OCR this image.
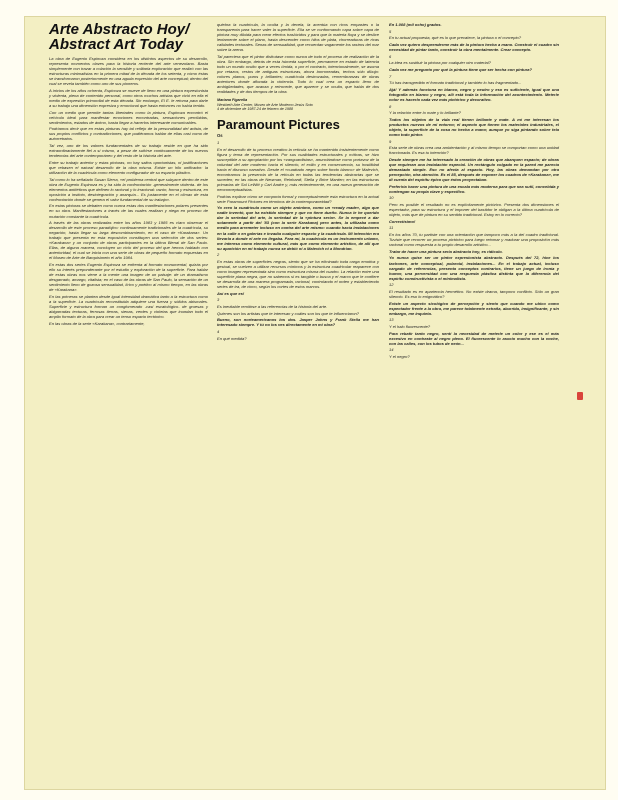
Arte Abstracto Hoy/
Abstract Art Today

La obra de Eugenio Espinoza considera en los distintos aspectos de su desarrollo, representa momentos claves para la historia reciente del arte venezolano. Basta simplemente con trazar a colación la sensible y solitaria exploración que realizó con las estructuras minimalistas en la primera mitad de la década de los setenta, y cómo éstas se transformaron posteriormente en una aguda expresión del arte conceptual; dentro del cual se revela también como uno de sus pioneros.

A inicios de los años ochenta, Espinoza se mueve de lleno en una pintura expresionista y violenta, plena de contenido personal, como otros muchos artistas que vivió en ella el medio de expresión primordial de esta década. Sin embargo, El E. le retoma para darle a su trabajo una dimensión expresiva y emocional que hasta entonces no había tenido.

Con un medio que permite tantas libertades como la pintura, Espinoza encontró el vehículo ideal para manifestar emociones encontradas, sensaciones percibidas, sentimientos, estados de ánimo, hasta llegar a hacerlos interesante comunicables.

Podríamos decir que en estas pinturas hay tal reflejo de la personalidad del artista, de sus propios conflictos y contradicciones, que pudiéramos hablar de ellas casi como de autorretratos.

Tal vez, uno de los valores fundamentales de su trabajo reside en que ha sido extraordinariamente fiel a sí mismo, a pesar de sufrirse continuamente de los nuevos tendencias del arte contemporáneo y del resto de la historia del arte.

Entre su trabajo anterior y estas pinturas, no hay saltos oportunistas, ni justificaciones que rebasen el natural desarrollo de la obra misma. Existe un hilo unificador: la utilización de la cuadrícula como elemento configurador de su espacio plástico.

Tal como lo ha señalado Susan Sierra, «el problema central que subyace dentro de este obra de Eugenio Espinoza es y ha sido la confrontación -generalmente violenta- de los elementos antitéticos que definen lo racional y lo irracional: razón, forma y estructura, en oposición a instinto, desintegración y anarquía... Es justamente en el clímax de esta confrontación donde se genera el valor fundamental de su trabajo».

En estas pinturas se debaten como nunca estas dos manifestaciones polares presentes en su obra. Manifestaciones a través de las cuales realizan y niega en proceso de mutación constante la cuadrícula.

A través de las obras realizadas entre los años 1983 y 1985 es claro observar el desarrollo de este proceso paradójico: continuamente tradicionales de la cuadrícula, su negación, hasta llegar su larga descombinamiento, en el caso de «Karakana». Un trabajo que presenta en esta exposición constituyen una selección de dos series: «Karakana» y un conjunto de obras participantes en la última Bienal de San Paulo. Ellas, de alguna manera, concluyen un ciclo del proceso del que hemos hablado con anterioridad, el cual se inicia con una serie de obras de pequeño formato expuestas en el Museo de Arte de Barquisimeto el año 1984.

En estas dos series Eugenio Espinoza se enfrenta al formato monumental, quizás por ello su interés preponderante por el estudio y exploración de la superficie. Para hablar de estas obras nos viene a la mente una imagen de un paisaje: de un dramatismo desgarrado, amargo, vitalista; en el caso de las obras de San Paulo, la sensación de un sentimiento lleno de gozosa sensualidad, lírico y poético al mismo tiempo, en las obras de «Karakana».

En las primeras se plantea desde igual intensidad dramática tanto a la estructura como a la superficie. La cuadrícula reconstituida adquiere una fuerza y sólidos abismales. Superficie y estructura forman un conglomerado -casi escatológico- de gruesas y abigarradas texturas, ferrosas tierras, sienas, verdes y violetas que inundan todo el amplio formato de la obra para crear un tenso espacio tectónico.

En las obras de la serie «Karakana», contrariamente,

quiebra la cuadrícula, la oculta y la devela, la acentúa con ricos empastes o la transparenta para hacer valer la superficie. Ella se ve conformando capa sobre capa de pintura muy diluida para crear efectos traslúcidos y para que la materia fluya y se deslice lentamente sobre el plano, hasta descender como hilos de plata, chorreaduras de ricas calidades texturales. Senas de sensualidad, que recuerdan vagamente los rastros del mar sobre la arena.

Tal pareciera que el pintor disfrutase como nunca de todo el proceso de realización de la obra. Sin embargo, detrás de esta húmeda superficie, permanece en estado de latencia todo un mundo oculto que a veces tímida, o por el contrario, intencionalmente, se asoma por retazos, restos de antiguas estructuras, ahora borroneadas, techos sólo dibujo: colores planos, puros y brillantes; cuadrícula destrozadas, remembranzas de obras anteriores donde aflorada la violencia. Todo lo cual crea un espacio lleno de ambigüedades, que avanza y retrocede, que aparece y se oculta, que habla de dos realidades y de dos tiempos de la obra.

Mariana Figarella

Westbeth Arte Center, Museo de Arte Moderno Jesús Soto

4 de diciembre de 1987-24 de febrero de 1988

Paramount Pictures
Os

1

En el desarrollo de tu proceso creativo la retícula se ha mantenido insistentemente como figura y tema de representación. Por sus cualidades estructurales y míticas, se hizo susceptible a su apropiación por los «vanguardistas», anunciándose como portavoz de la voluntad del arte moderno hacia el silencio, el exilio y en consecuencia, su hostilidad hacia el discurso narrativo. Desde el «cuadrado negro sobre fondo blanco» de Malevich, encontramos la presencia de la retícula en todas las tendencias abstractas que se suceden; en las obras de Newman, Reinhardt, Stella y Brice Marden; en las estructuras primarias de Sol LeWitt y Carl Andre y, más recientemente, en una nueva generación de neoconceptualistas.

Podrías explicar cómo se comporta formal y conceptualmente esta estructura en la actual serie Paramount Pictures en términos de la contemporaneidad?

Yo creo la cuadrícula como un objeto anónimo, como un «ready made», algo que nadie inventó, que ha existido siempre y que no tiene dueño. Nunca le he querido dar la seriedad del arte, la seriedad de la «pintura seria». Se la empecé a dar solamente a partir del '83 (con la serie Karakana) pero antes, la utilizaba como medio para arremeter incluso en contra del arte mismo: cuando hacía instalaciones en la calle o en galerías e invadía cualquier espacio y la cuadrícula. Mi intención era llevarla a donde el arte no llegaba. Para mí, la cuadrícula es un instrumento urbano, me interesa como elemento cultural, más que como elemento artístico, de allí que su aparición en mi trabajo nunca se debió ni a Malevich ni a Mondrian.

2

En estas obras de superficies negras, siento que se ha eliminado toda carga emotiva y gestual, se vuelven a utilizar recursos mínimos y la estructura cuadricular reaparece con como imagen representada sino como estructura misma del cuadro. La relación entre una superficie plana negra, que no sabemos si es tangible o busca y el marco que le confiere se desarrolla de una manera programada, racional, controlando el orden y estableciendo series de tra, de cinco, según los cortes de estos marcos.

Así es que es!

3

Es inevitable remitirse a las referencias de la historia del arte.

Quienes son los artistas que te interesan y cuáles son los que te influenciaron?

Bueno, son norteamericanos los dos. Jasper Johns y Frank Stella me han interesado siempre. Y tú no los ves directamente en mi obra?

4

En qué medida?

En 1.008 (mil ocho) grados.

5

En tu actual propuesta, qué es lo que prevalece, la pintura o el concepto?

Cada vez quiero desprenderme más de la pintura hecha a mano. Construir el cuadro sin necesidad de pintar tanto, construir la obra mentalmente. Crear concepto.

6

La idea es sustituir la pintura por cualquier otro material?

Cada vez me pregunto por qué la pintura tiene que ser hecha con pintura?

7

Tú has transgredido el formato tradicional y también lo has fragmentado...

Ajá! Y además funciona en blanco, negro y neutro y eso es suficiente, igual que una fotografía en blanco y negro, allí está toda la información del acontecimiento. Meterle color es hacerlo cada vez más pictórico y decorativo.

8

Y la relación entre lo mate y lo brillante?

Todos los objetos de la vida real tienen brillante y mate. A mí me interesan los productos nuevos de mi entorno; el aspecto que tienen los materiales industriales, el objeto, la superficie de la cosa no hecha a mano; aunque yo siga pintando sobre tela como todo pintor.

9

Esta serie de obras crea una ambientación y al mismo tiempo se comportan como una unidad fraccionada. Es esa tu intención?

Desde siempre me ha interesado la creación de obras que abarquen espacio; de obras que requieran una instalación especial. Un rectángulo colgado en la pared me parecía demasiado simple. Eso no afecta al espacio. Hoy, las obras demandan por otra percepción, otra atención. Es el 85, después de exponer los cuadros de «Karakana», me di cuenta del espíritu épico que éstos proyectaban.

Preferiría hacer una pintura de una escala más moderna para que sea sutil, concebida y contengan su propia clave y específico.

10

Pero es posible el resultado no es explícitamente pictórico. Presenta dos dimensiones el espectador, para su estructura y el imponer del bastidor le obligan a la última cuadrícula de objeto, más que de pintura en su sentido tradicional. Estoy en lo correcto?

Correctísimo!

11

En los años 70, tu partiste con una orientación que tampoco más a la del cuadro tradicional. Tuviste que recorrer un proceso pictórico para luego retomar y madurar una proposición más racional como respuesta a tu propio desarrollo artístico...

Tratar de hacer una pintura seria abstracta hoy, es ridículo.

Yo nunca quise ser un pintor expresionista abstracto. Después del 72, hice los tachones, arte conceptual, polaroid, instalaciones... En el trabajo actual, incluso cargado de referencias, presenta conceptos contrarios, tiene un juego de ironía y humor, una perversidad con una respuesta plástica distinta que la diferencia del espíritu constructivista o el minimalista.

12

El resultado es en apariencia hermético. No existe drama, tampoco conflicto. Sólo un gran silencio. Es eso lo enigmático?

Existe un aspecto sicológico de percepción y siento que cuando me ubico como espectador frente a la obra, me parece totalmente extraña, aburrida, insignificante, y sin embargo, me inquieta.

13

Y el halo fluorescente?

Para rebatir tanto negro, sentí la necesidad de meterle un color y ese es el más excesivo en contraste al negro pleno. El fluorescente lo asocio mucho con la noche, con las calles, con los tubos de neón...

14

Y el negro?
